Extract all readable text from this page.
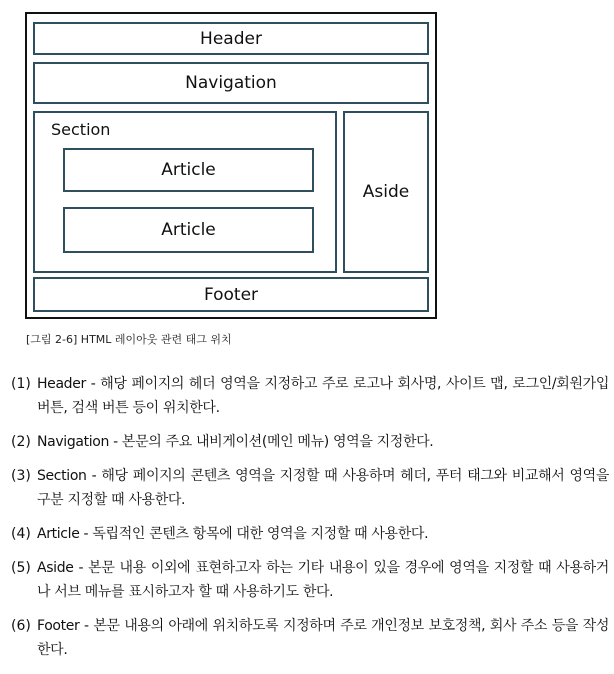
Header
Navigation
Section
Article
Article
Aside
Footer
[그림 2-6] HTML 레이아웃 관련 태그 위치
(1) Header - 해당 페이지의 헤더 영역을 지정하고 주로 로고나 회사명, 사이트 맵, 로그인/회원가입 버튼, 검색 버튼 등이 위치한다.
(2) Navigation - 본문의 주요 내비게이션(메인 메뉴) 영역을 지정한다.
(3) Section - 해당 페이지의 콘텐츠 영역을 지정할 때 사용하며 헤더, 푸터 태그와 비교해서 영역을 구분 지정할 때 사용한다.
(4) Article - 독립적인 콘텐츠 항목에 대한 영역을 지정할 때 사용한다.
(5) Aside - 본문 내용 이외에 표현하고자 하는 기타 내용이 있을 경우에 영역을 지정할 때 사용하거나 서브 메뉴를 표시하고자 할 때 사용하기도 한다.
(6) Footer - 본문 내용의 아래에 위치하도록 지정하며 주로 개인정보 보호정책, 회사 주소 등을 작성한다.
